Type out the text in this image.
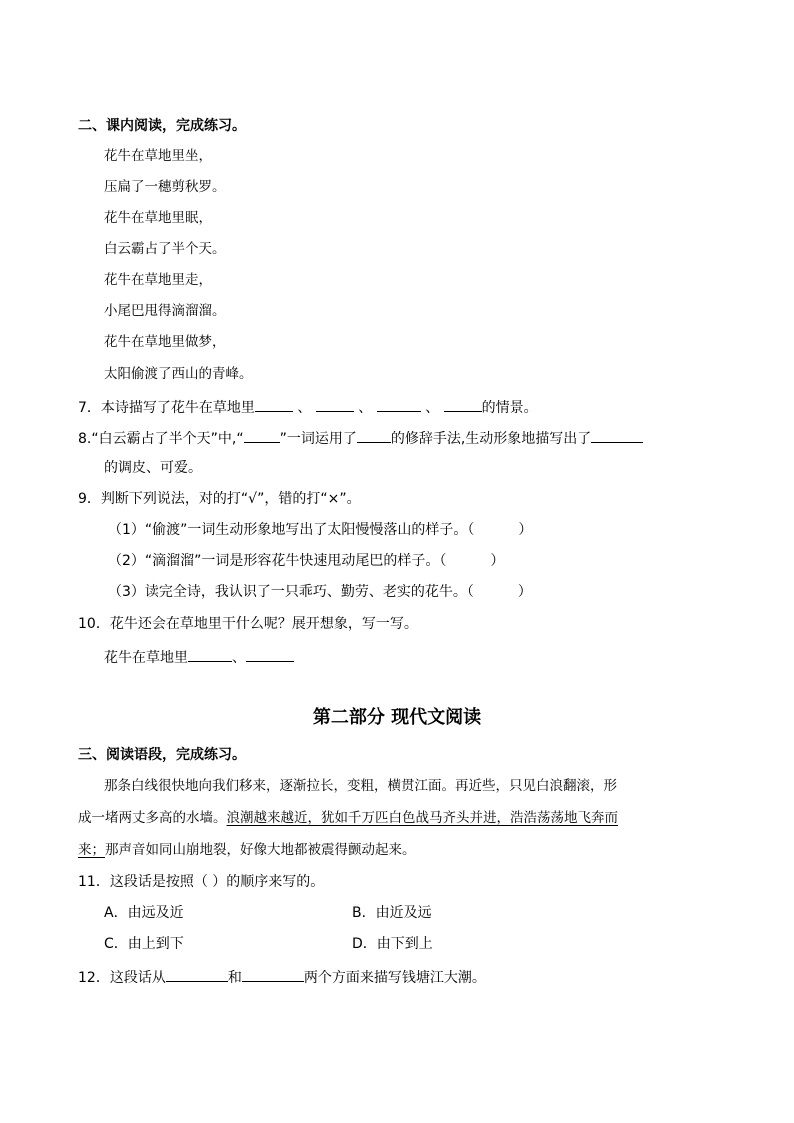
二、课内阅读，完成练习。
花牛在草地里坐，
压扁了一穗剪秋罗。
花牛在草地里眠，
白云霸占了半个天。
花牛在草地里走，
小尾巴甩得滴溜溜。
花牛在草地里做梦，
太阳偷渡了西山的青峰。
7．本诗描写了花牛在草地里	、	、	、	的情景。
8.“白云霸占了半个天”中,“	”一词运用了 的修辞手法,生动形象地描写出了
的调皮、可爱。
9．判断下列说法，对的打“√”，错的打“×”。
（1）“偷渡”一词生动形象地写出了太阳慢慢落山的样子。（	）
（2）“滴溜溜”一词是形容花牛快速甩动尾巴的样子。（	）
（3）读完全诗，我认识了一只乖巧、勤劳、老实的花牛。（	）
10．花牛还会在草地里干什么呢？展开想象，写一写。
花牛在草地里	、
第二部分 现代文阅读
三、阅读语段，完成练习。
那条白线很快地向我们移来，逐渐拉长，变粗，横贯江面。再近些，只见白浪翻滚，形
成一堵两丈多高的水墙。浪潮越来越近，犹如千万匹白色战马齐头并进，浩浩荡荡地飞奔而
来；那声音如同山崩地裂，好像大地都被震得颤动起来。
11．这段话是按照（ ）的顺序来写的。
A．由远及近	B．由近及远
C．由上到下	D．由下到上
12．这段话从	和	两个方面来描写钱塘江大潮。
